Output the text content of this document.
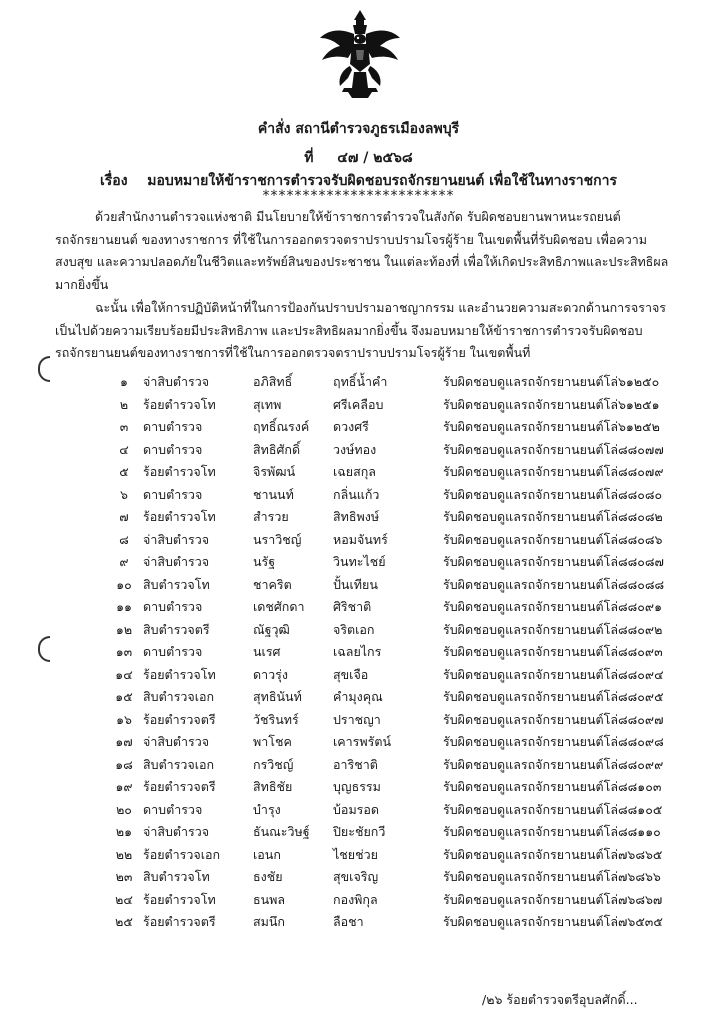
คำสั่ง สถานีตำรวจภูธรเมืองลพบุรี
ที่ ๔๗ / ๒๕๖๘
เรื่อง มอบหมายให้ข้าราชการตำรวจรับผิดชอบรถจักรยานยนต์ เพื่อใช้ในทางราชการ
************************
ด้วยสำนักงานตำรวจแห่งชาติ มีนโยบายให้ข้าราชการตำรวจในสังกัด รับผิดชอบยานพาหนะรถยนต์
รถจักรยานยนต์ ของทางราชการ ที่ใช้ในการออกตรวจตราปราบปรามโจรผู้ร้าย ในเขตพื้นที่รับผิดชอบ เพื่อความ
สงบสุข และความปลอดภัยในชีวิตและทรัพย์สินของประชาชน ในแต่ละท้องที่ เพื่อให้เกิดประสิทธิภาพและประสิทธิผล
มากยิ่งขึ้น
ฉะนั้น เพื่อให้การปฏิบัติหน้าที่ในการป้องกันปราบปรามอาชญากรรม และอำนวยความสะดวกด้านการจราจร
เป็นไปด้วยความเรียบร้อยมีประสิทธิภาพ และประสิทธิผลมากยิ่งขึ้น จึงมอบหมายให้ข้าราชการตำรวจรับผิดชอบ
รถจักรยานยนต์ของทางราชการที่ใช้ในการออกตรวจตราปราบปรามโจรผู้ร้าย ในเขตพื้นที่
๑	จ่าสิบตำรวจ	อภิสิทธิ์	ฤทธิ์น้ำคำ	รับผิดชอบดูแลรถจักรยานยนต์โล่	๖๑๒๕๐
๒	ร้อยตำรวจโท	สุเทพ	ศรีเคลือบ	รับผิดชอบดูแลรถจักรยานยนต์โล่	๖๑๒๕๑
๓	ดาบตำรวจ	ฤทธิ์ณรงค์	ดวงศรี	รับผิดชอบดูแลรถจักรยานยนต์โล่	๖๑๒๕๒
๔	ดาบตำรวจ	สิทธิศักดิ์	วงษ์ทอง	รับผิดชอบดูแลรถจักรยานยนต์โล่	๘๘๐๗๗
๕	ร้อยตำรวจโท	จิรพัฒน์	เฉยสกุล	รับผิดชอบดูแลรถจักรยานยนต์โล่	๘๘๐๗๙
๖	ดาบตำรวจ	ชานนท์	กลิ่นแก้ว	รับผิดชอบดูแลรถจักรยานยนต์โล่	๘๘๐๘๐
๗	ร้อยตำรวจโท	สำรวย	สิทธิพงษ์	รับผิดชอบดูแลรถจักรยานยนต์โล่	๘๘๐๘๒
๘	จ่าสิบตำรวจ	นราวิชญ์	หอมจันทร์	รับผิดชอบดูแลรถจักรยานยนต์โล่	๘๘๐๘๖
๙	จ่าสิบตำรวจ	นรัฐ	วินทะไชย์	รับผิดชอบดูแลรถจักรยานยนต์โล่	๘๘๐๘๗
๑๐	สิบตำรวจโท	ชาคริต	ปั้นเทียน	รับผิดชอบดูแลรถจักรยานยนต์โล่	๘๘๐๘๘
๑๑	ดาบตำรวจ	เดชศักดา	ศิริชาติ	รับผิดชอบดูแลรถจักรยานยนต์โล่	๘๘๐๙๑
๑๒	สิบตำรวจตรี	ณัฐวุฒิ	จริตเอก	รับผิดชอบดูแลรถจักรยานยนต์โล่	๘๘๐๙๒
๑๓	ดาบตำรวจ	นเรศ	เฉลยไกร	รับผิดชอบดูแลรถจักรยานยนต์โล่	๘๘๐๙๓
๑๔	ร้อยตำรวจโท	ดาวรุ่ง	สุขเจือ	รับผิดชอบดูแลรถจักรยานยนต์โล่	๘๘๐๙๔
๑๕	สิบตำรวจเอก	สุทธินันท์	คำมุงคุณ	รับผิดชอบดูแลรถจักรยานยนต์โล่	๘๘๐๙๕
๑๖	ร้อยตำรวจตรี	วัชรินทร์	ปราชญา	รับผิดชอบดูแลรถจักรยานยนต์โล่	๘๘๐๙๗
๑๗	จ่าสิบตำรวจ	พาโชค	เคารพรัตน์	รับผิดชอบดูแลรถจักรยานยนต์โล่	๘๘๐๙๘
๑๘	สิบตำรวจเอก	กรวิชญ์	อาริชาติ	รับผิดชอบดูแลรถจักรยานยนต์โล่	๘๘๐๙๙
๑๙	ร้อยตำรวจตรี	สิทธิชัย	บุญธรรม	รับผิดชอบดูแลรถจักรยานยนต์โล่	๘๘๑๐๓
๒๐	ดาบตำรวจ	บำรุง	บ้อมรอด	รับผิดชอบดูแลรถจักรยานยนต์โล่	๘๘๑๐๕
๒๑	จ่าสิบตำรวจ	ธันณะวิษฐ์	ปิยะชัยกวี	รับผิดชอบดูแลรถจักรยานยนต์โล่	๘๘๑๑๐
๒๒	ร้อยตำรวจเอก	เอนก	ไชยช่วย	รับผิดชอบดูแลรถจักรยานยนต์โล่	๗๖๘๖๕
๒๓	สิบตำรวจโท	ธงชัย	สุขเจริญ	รับผิดชอบดูแลรถจักรยานยนต์โล่	๗๖๘๖๖
๒๔	ร้อยตำรวจโท	ธนพล	กองพิกุล	รับผิดชอบดูแลรถจักรยานยนต์โล่	๗๖๘๖๗
๒๕	ร้อยตำรวจตรี	สมนึก	ลือชา	รับผิดชอบดูแลรถจักรยานยนต์โล่	๗๖๕๓๕
/๒๖ ร้อยตำรวจตรีอุบลศักดิ์...
